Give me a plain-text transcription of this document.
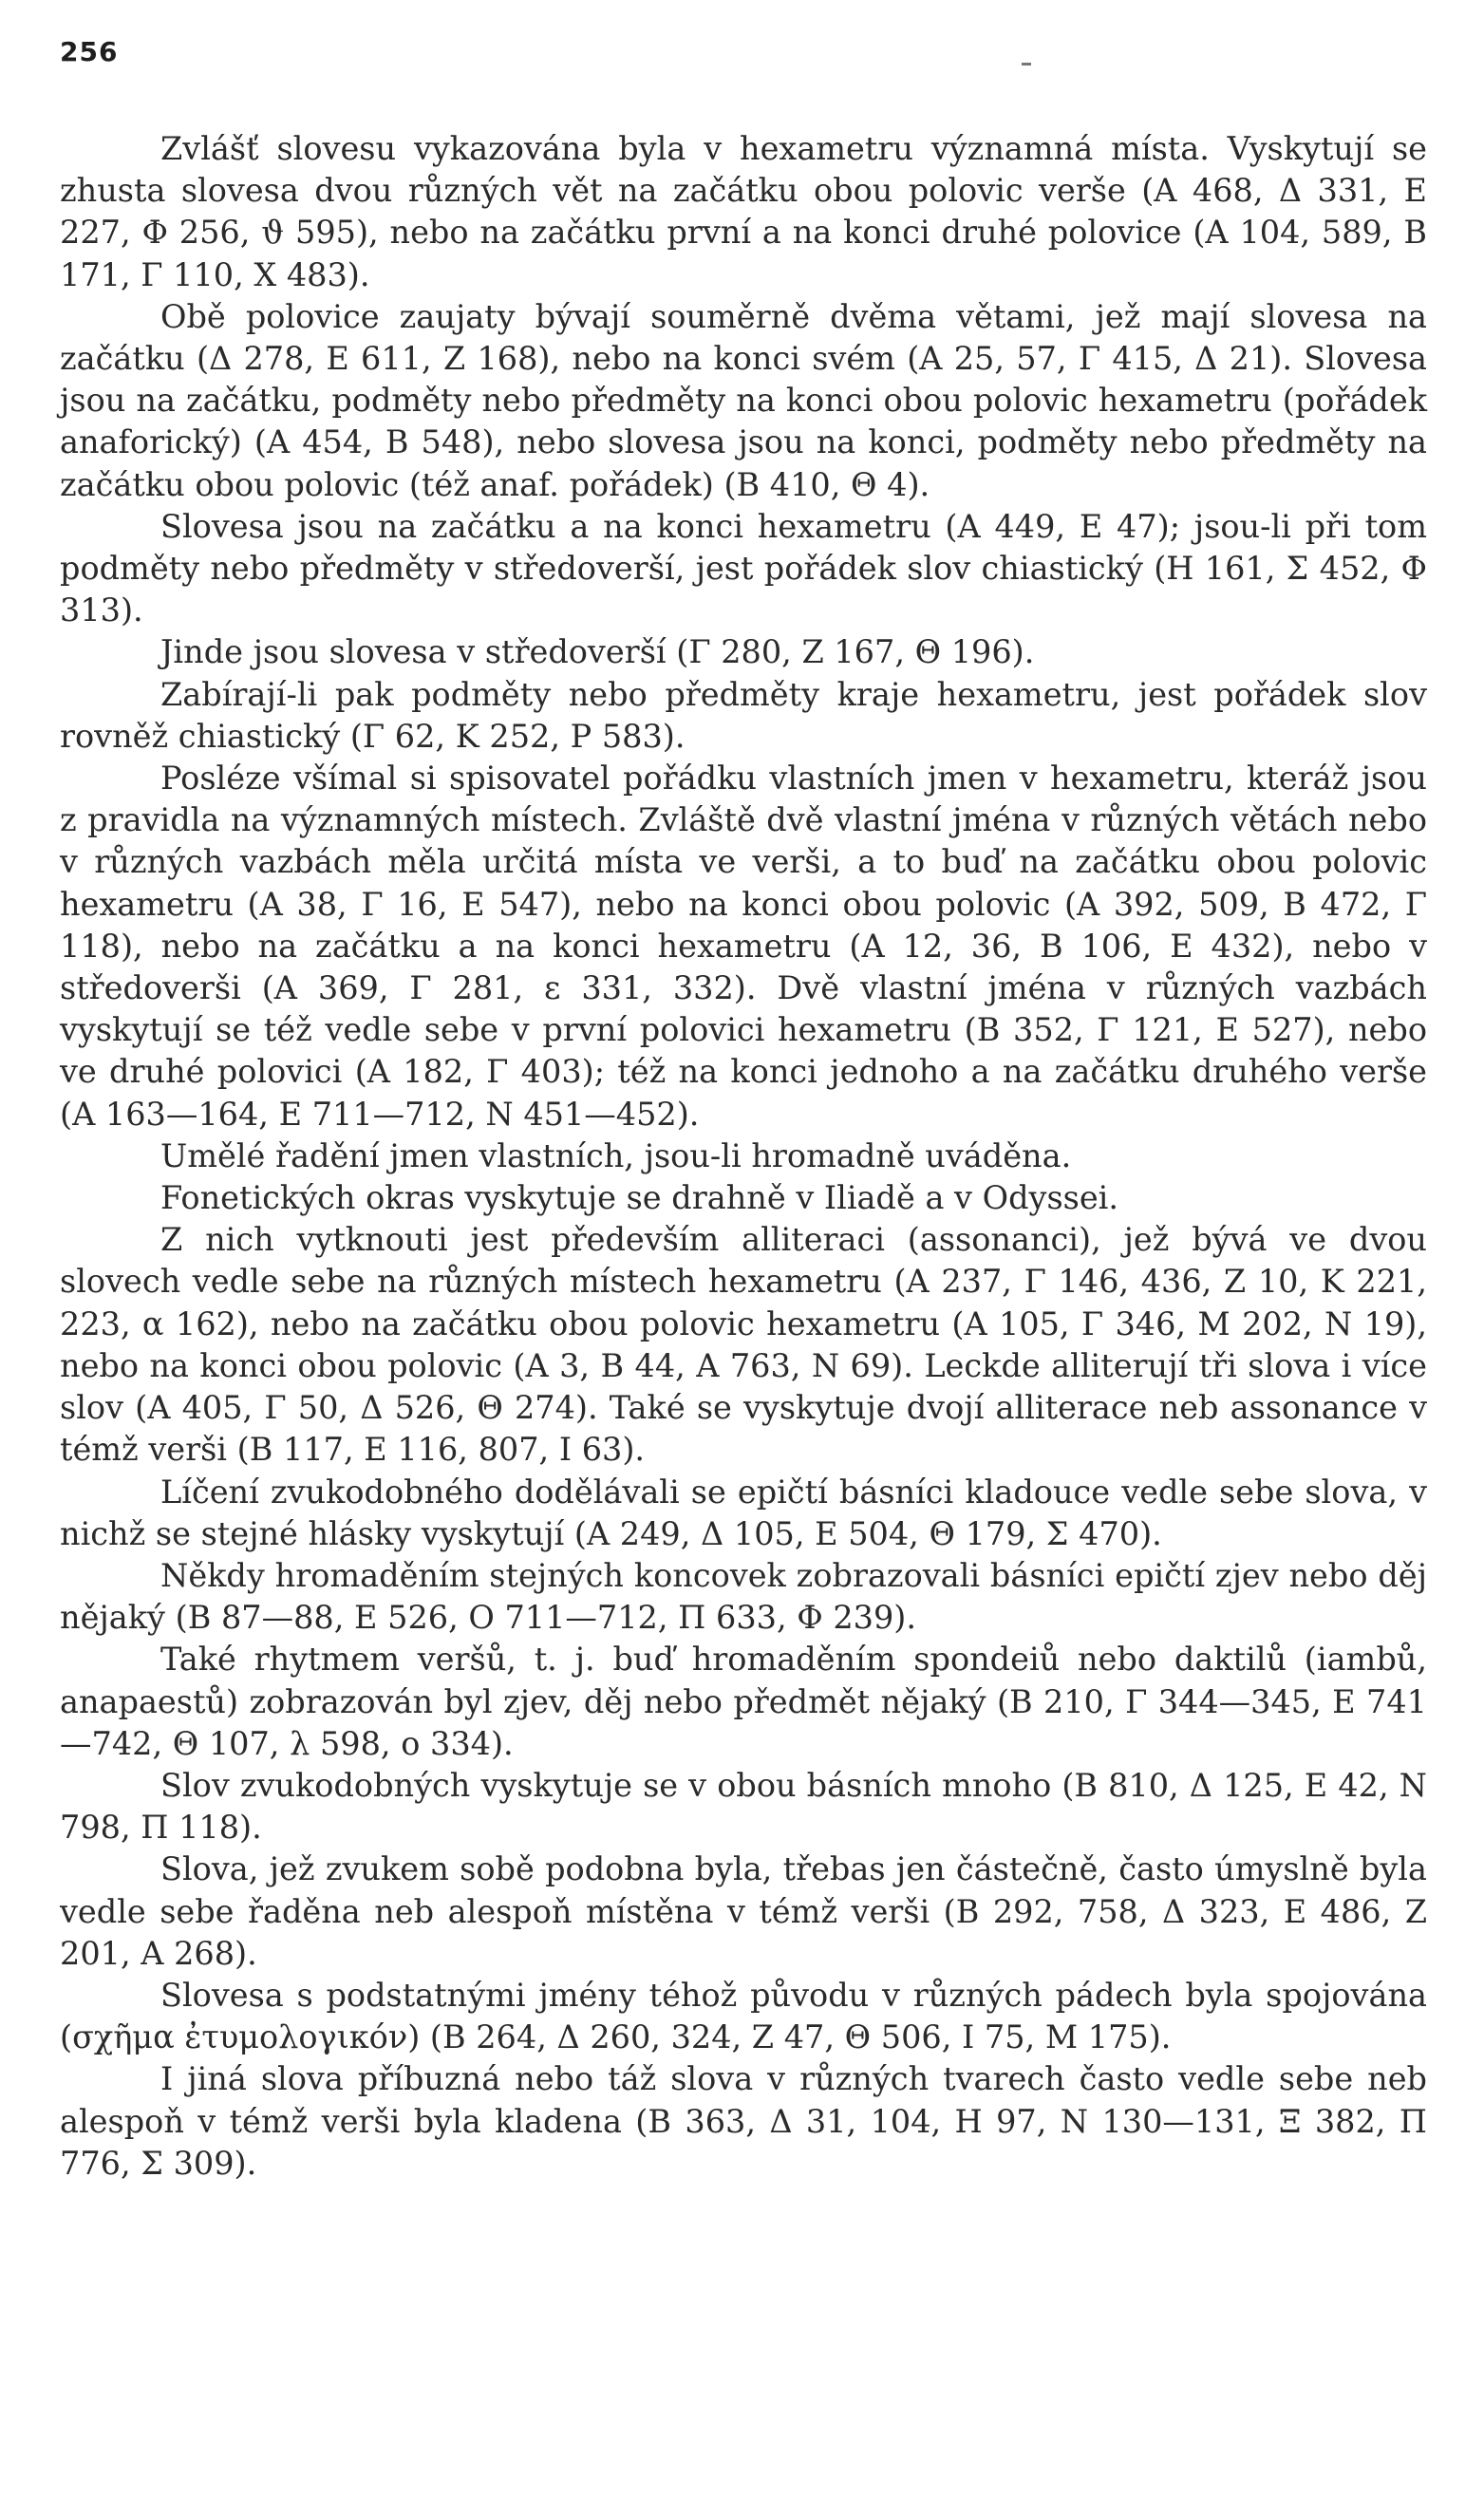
256

Zvlášť slovesu vykazována byla v hexametru významná místa. Vyskytují se zhusta slovesa dvou různých vět na začátku obou polovic verše (Α 468, Δ 331, Ε 227, Φ 256, ϑ 595), nebo na začátku první a na konci druhé polovice (Α 104, 589, Β 171, Γ 110, Χ 483).

Obě polovice zaujaty bývají souměrně dvěma větami, jež mají slovesa na začátku (Δ 278, Ε 611, Ζ 168), nebo na konci svém (Α 25, 57, Γ 415, Δ 21). Slovesa jsou na začátku, podměty nebo předměty na konci obou polovic hexametru (pořádek anaforický) (Α 454, Β 548), nebo slovesa jsou na konci, podměty nebo předměty na začátku obou polovic (též anaf. pořádek) (Β 410, Θ 4).

Slovesa jsou na začátku a na konci hexametru (Α 449, Ε 47); jsou-li při tom podměty nebo předměty v středoverší, jest pořádek slov chiastický (Η 161, Σ 452, Φ 313).

Jinde jsou slovesa v středoverší (Γ 280, Ζ 167, Θ 196).

Zabírají-li pak podměty nebo předměty kraje hexametru, jest pořádek slov rovněž chiastický (Γ 62, Κ 252, Ρ 583).

Posléze všímal si spisovatel pořádku vlastních jmen v hexametru, kteráž jsou z pravidla na významných místech. Zvláště dvě vlastní jména v různých větách nebo v různých vazbách měla určitá místa ve verši, a to buď na začátku obou polovic hexametru (Α 38, Γ 16, Ε 547), nebo na konci obou polovic (Α 392, 509, Β 472, Γ 118), nebo na začátku a na konci hexametru (Α 12, 36, Β 106, Ε 432), nebo v středoverši (Α 369, Γ 281, ε 331, 332). Dvě vlastní jména v různých vazbách vyskytují se též vedle sebe v první polovici hexametru (Β 352, Γ 121, Ε 527), nebo ve druhé polovici (Α 182, Γ 403); též na konci jednoho a na začátku druhého verše (Α 163—164, Ε 711—712, Ν 451—452).

Umělé řadění jmen vlastních, jsou-li hromadně uváděna.

Fonetických okras vyskytuje se drahně v Iliadě a v Odyssei.

Z nich vytknouti jest především alliteraci (assonanci), jež bývá ve dvou slovech vedle sebe na různých místech hexametru (Α 237, Γ 146, 436, Ζ 10, Κ 221, 223, α 162), nebo na začátku obou polovic hexametru (Α 105, Γ 346, Μ 202, Ν 19), nebo na konci obou polovic (Α 3, Β 44, Α 763, Ν 69). Leckde alliterují tři slova i více slov (Α 405, Γ 50, Δ 526, Θ 274). Také se vyskytuje dvojí alliterace neb assonance v témž verši (Β 117, Ε 116, 807, Ι 63).

Líčení zvukodobného dodělávali se epičtí básníci kladouce vedle sebe slova, v nichž se stejné hlásky vyskytují (Α 249, Δ 105, Ε 504, Θ 179, Σ 470).

Někdy hromaděním stejných koncovek zobrazovali básníci epičtí zjev nebo děj nějaký (Β 87—88, Ε 526, Ο 711—712, Π 633, Φ 239).

Také rhytmem veršů, t. j. buď hromaděním spondeiů nebo daktilů (iambů, anapaestů) zobrazován byl zjev, děj nebo předmět nějaký (Β 210, Γ 344—345, Ε 741—742, Θ 107, λ 598, ο 334).

Slov zvukodobných vyskytuje se v obou básních mnoho (Β 810, Δ 125, Ε 42, Ν 798, Π 118).

Slova, jež zvukem sobě podobna byla, třebas jen částečně, často úmyslně byla vedle sebe řaděna neb alespoň místěna v témž verši (Β 292, 758, Δ 323, Ε 486, Ζ 201, Α 268).

Slovesa s podstatnými jmény téhož původu v různých pádech byla spojována (σχῆμα ἐτυμολογικόν) (Β 264, Δ 260, 324, Ζ 47, Θ 506, Ι 75, Μ 175).

I jiná slova příbuzná nebo táž slova v různých tvarech často vedle sebe neb alespoň v témž verši byla kladena (Β 363, Δ 31, 104, Η 97, Ν 130—131, Ξ 382, Π 776, Σ 309).
